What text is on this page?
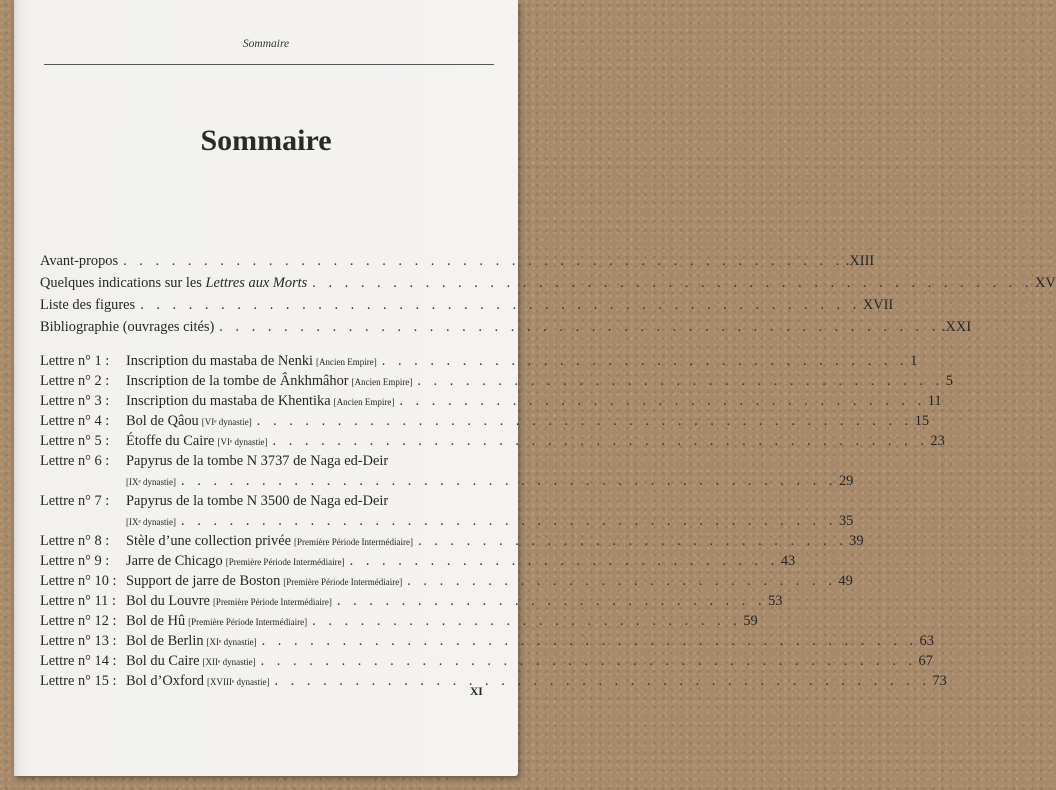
Sommaire
Sommaire
Avant-propos . . . . . . . . . . . . . . . . . . . . . . . . . . . . . . . . . . . . . . . . . . . . . .XIII
Quelques indications sur les Lettres aux Morts . . . . . . . . . . . . . . . . . . . . . . . . . . . . . . . . . . . . . . . . . . . . . XV
Liste des figures . . . . . . . . . . . . . . . . . . . . . . . . . . . . . . . . . . . . . . . . . . . . . XVII
Bibliographie (ouvrages cités) . . . . . . . . . . . . . . . . . . . . . . . . . . . . . . . . . . . . . . . . . . . . . .XXI
Lettre n° 1 :	Inscription du mastaba de Nenki [Ancien Empire] . . . . . . . . . . . . . . . . . . . . . . . . . . . . . . . . . 1
Lettre n° 2 :	Inscription de la tombe de Ânkhmâhor [Ancien Empire] . . . . . . . . . . . . . . . . . . . . . . . . . . . . . . . . . 5
Lettre n° 3 :	Inscription du mastaba de Khentika [Ancien Empire] . . . . . . . . . . . . . . . . . . . . . . . . . . . . . . . . . 11
Lettre n° 4 :	Bol de Qâou [VIᵉ dynastie] . . . . . . . . . . . . . . . . . . . . . . . . . . . . . . . . . . . . . . . . . 15
Lettre n° 5 :	Étoffe du Caire [VIᵉ dynastie] . . . . . . . . . . . . . . . . . . . . . . . . . . . . . . . . . . . . . . . . . 23
Lettre n° 6 :	Papyrus de la tombe N 3737 de Naga ed-Deir
[IXᵉ dynastie] . . . . . . . . . . . . . . . . . . . . . . . . . . . . . . . . . . . . . . . . . 29
Lettre n° 7 :	Papyrus de la tombe N 3500 de Naga ed-Deir
[IXᵉ dynastie] . . . . . . . . . . . . . . . . . . . . . . . . . . . . . . . . . . . . . . . . . 35
Lettre n° 8 :	Stèle d’une collection privée [Première Période Intermédiaire] . . . . . . . . . . . . . . . . . . . . . . . . . . . 39
Lettre n° 9 :	Jarre de Chicago [Première Période Intermédiaire] . . . . . . . . . . . . . . . . . . . . . . . . . . . 43
Lettre n° 10 : Support de jarre de Boston [Première Période Intermédiaire] . . . . . . . . . . . . . . . . . . . . . . . . . . . 49
Lettre n° 11 : Bol du Louvre [Première Période Intermédiaire] . . . . . . . . . . . . . . . . . . . . . . . . . . . 53
Lettre n° 12 : Bol de Hû [Première Période Intermédiaire] . . . . . . . . . . . . . . . . . . . . . . . . . . . 59
Lettre n° 13 : Bol de Berlin [XIᵉ dynastie] . . . . . . . . . . . . . . . . . . . . . . . . . . . . . . . . . . . . . . . . . 63
Lettre n° 14 : Bol du Caire [XIIᵉ dynastie] . . . . . . . . . . . . . . . . . . . . . . . . . . . . . . . . . . . . . . . . . 67
Lettre n° 15 : Bol d’Oxford [XVIIIᵉ dynastie] . . . . . . . . . . . . . . . . . . . . . . . . . . . . . . . . . . . . . . . . . 73
XI
